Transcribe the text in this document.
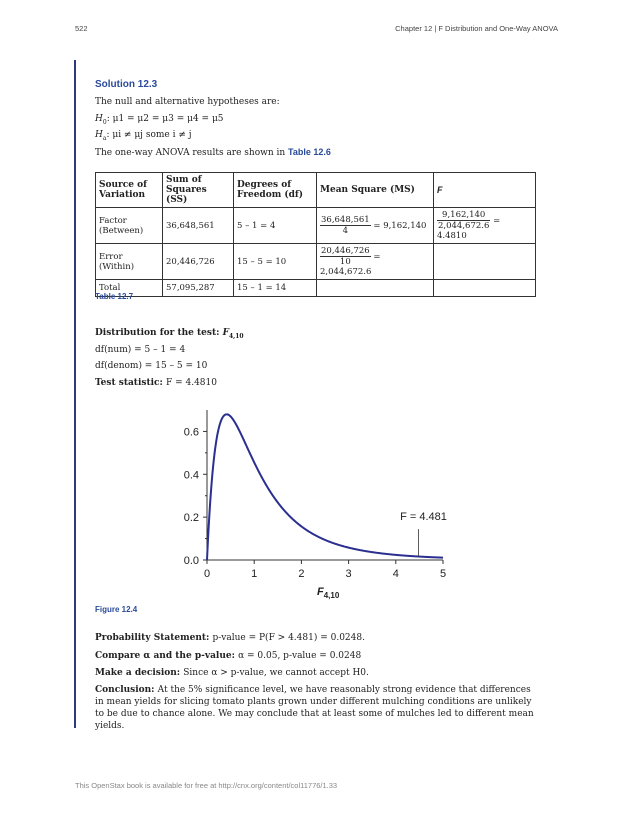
522	Chapter 12 | F Distribution and One-Way ANOVA
Solution 12.3
The null and alternative hypotheses are:
$H_0$: μ1 = μ2 = μ3 = μ4 = μ5
$H_a$: μi ≠ μj some i ≠ j
The one-way ANOVA results are shown in Table 12.6
Source of Variation	Sum of Squares (SS)	Degrees of Freedom (df)	Mean Square (MS)	F
Factor (Between)	36,648,561	5 – 1 = 4	$\frac{36,648,561}{4} = 9,162,140$	$\frac{9,162,140}{2,044,672.6} = 4.4810$
Error (Within)	20,446,726	15 – 5 = 10	$\frac{20,446,726}{10} = 2,044,672.6$	
Total	57,095,287	15 – 1 = 14		
Table 12.7
Distribution for the test: $F_{4,10}$
df(num) = 5 – 1 = 4
df(denom) = 15 – 5 = 10
Test statistic: F = 4.4810
Figure 12.4
Probability Statement: p-value = P(F > 4.481) = 0.0248.
Compare α and the p-value: α = 0.05, p-value = 0.0248
Make a decision: Since α > p-value, we cannot accept H0.
Conclusion: At the 5% significance level, we have reasonably strong evidence that differences in mean yields for slicing tomato plants grown under different mulching conditions are unlikely to be due to chance alone. We may conclude that at least some of mulches led to different mean yields.
0.0
0.2
0.4
0.6
0	1	2	3	4	5
F = 4.481
$F_{4,10}$
This OpenStax book is available for free at http://cnx.org/content/col11776/1.33
